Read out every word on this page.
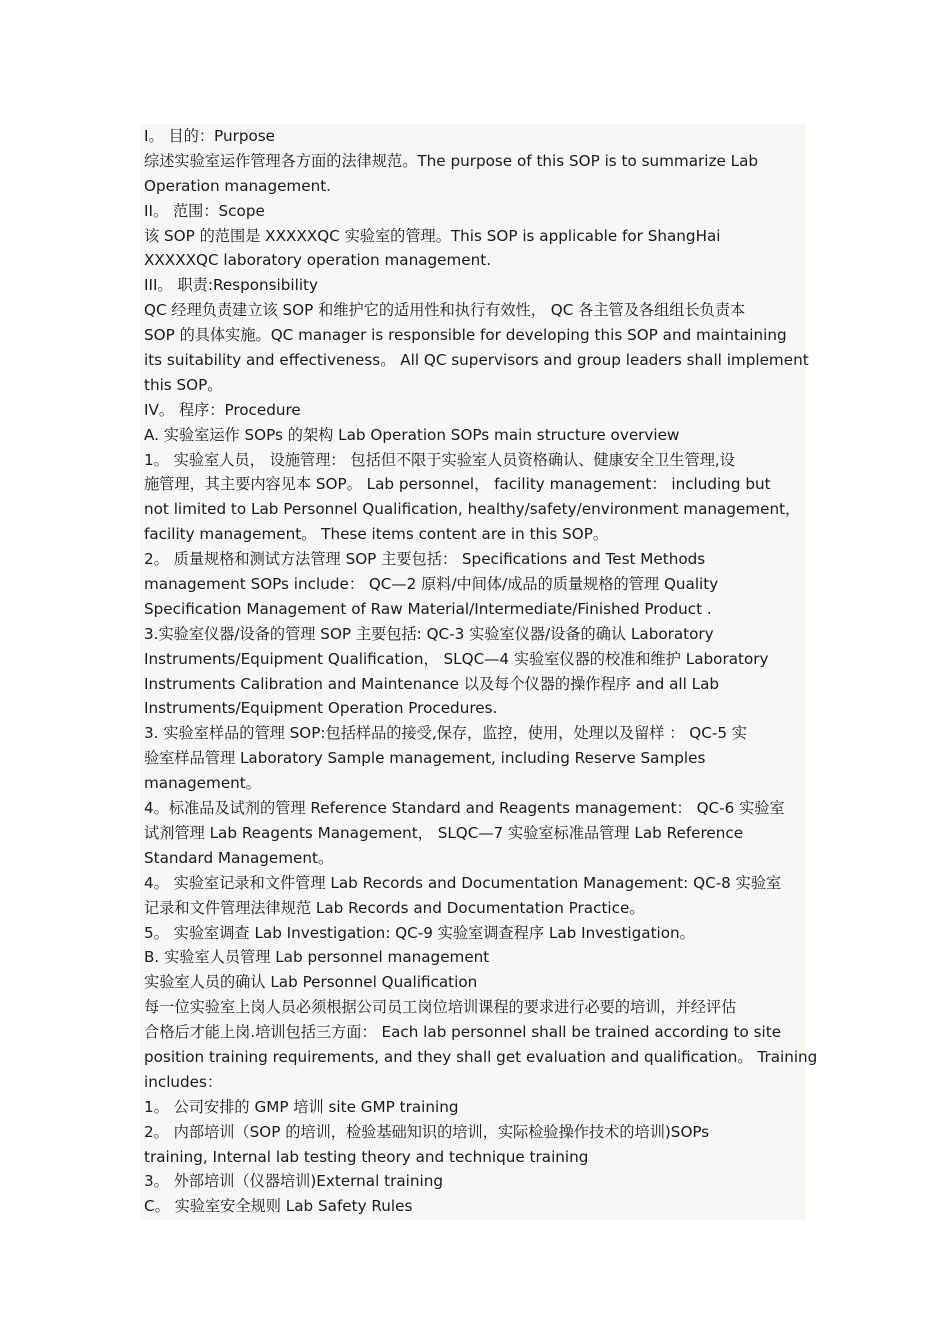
I。 目的：Purpose
综述实验室运作管理各方面的法律规范。The purpose of this SOP is to summarize Lab
Operation management.
II。 范围：Scope
该 SOP 的范围是 XXXXXQC 实验室的管理。This SOP is applicable for ShangHai
XXXXXQC laboratory operation management.
III。 职责:Responsibility
QC 经理负责建立该 SOP 和维护它的适用性和执行有效性， QC 各主管及各组组长负责本
SOP 的具体实施。QC manager is responsible for developing this SOP and maintaining
its suitability and effectiveness。 All QC supervisors and group leaders shall implement
this SOP。
IV。 程序：Procedure
A. 实验室运作 SOPs 的架构 Lab Operation SOPs main structure overview
1。 实验室人员， 设施管理： 包括但不限于实验室人员资格确认、健康安全卫生管理,设
施管理，其主要内容见本 SOP。 Lab personnel， facility management： including but
not limited to Lab Personnel Qualification, healthy/safety/environment management，
facility management。 These items content are in this SOP。
2。 质量规格和测试方法管理 SOP 主要包括： Specifications and Test Methods
management SOPs include： QC—2 原料/中间体/成品的质量规格的管理 Quality
Specification Management of Raw Material/Intermediate/Finished Product .
3.实验室仪器/设备的管理 SOP 主要包括: QC-3 实验室仪器/设备的确认 Laboratory
Instruments/Equipment Qualification， SLQC—4 实验室仪器的校准和维护 Laboratory
Instruments Calibration and Maintenance 以及每个仪器的操作程序 and all Lab
Instruments/Equipment Operation Procedures.
3. 实验室样品的管理 SOP:包括样品的接受,保存，监控，使用，处理以及留样 ： QC-5 实
验室样品管理 Laboratory Sample management, including Reserve Samples
management。
4。标准品及试剂的管理 Reference Standard and Reagents management： QC-6 实验室
试剂管理 Lab Reagents Management， SLQC—7 实验室标准品管理 Lab Reference
Standard Management。
4。 实验室记录和文件管理 Lab Records and Documentation Management: QC-8 实验室
记录和文件管理法律规范 Lab Records and Documentation Practice。
5。 实验室调查 Lab Investigation: QC-9 实验室调查程序 Lab Investigation。
B. 实验室人员管理 Lab personnel management
实验室人员的确认 Lab Personnel Qualification
每一位实验室上岗人员必须根据公司员工岗位培训课程的要求进行必要的培训，并经评估
合格后才能上岗.培训包括三方面： Each lab personnel shall be trained according to site
position training requirements, and they shall get evaluation and qualification。 Training
includes：
1。 公司安排的 GMP 培训 site GMP training
2。 内部培训（SOP 的培训，检验基础知识的培训，实际检验操作技术的培训)SOPs
training, Internal lab testing theory and technique training
3。 外部培训（仪器培训)External training
C。 实验室安全规则 Lab Safety Rules
